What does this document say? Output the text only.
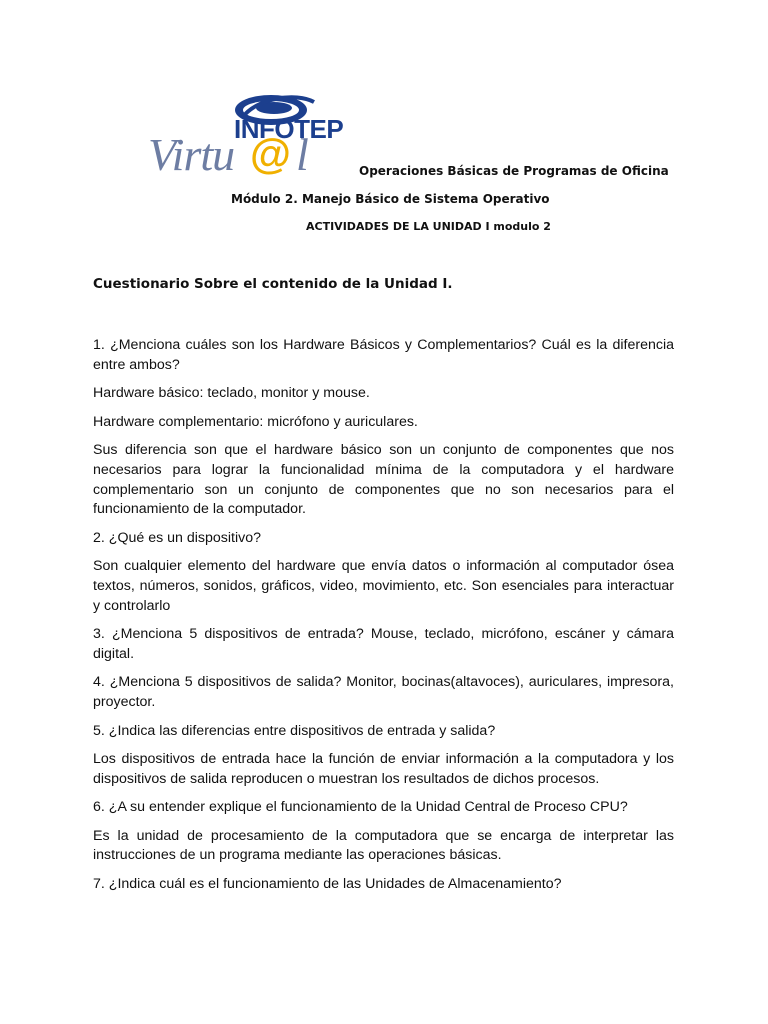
INFOTEP
Virtu @ l	Operaciones Básicas de Programas de Oficina
Módulo 2. Manejo Básico de Sistema Operativo
ACTIVIDADES DE LA UNIDAD I modulo 2
Cuestionario Sobre el contenido de la Unidad I.

1. ¿Menciona cuáles son los Hardware Básicos y Complementarios? Cuál es la diferencia entre ambos?

Hardware básico: teclado, monitor y mouse.

Hardware complementario: micrófono y auriculares.

Sus diferencia son que el hardware básico son un conjunto de componentes que nos necesarios para lograr la funcionalidad mínima de la computadora y el hardware complementario son un conjunto de componentes que no son necesarios para el funcionamiento de la computador.

2. ¿Qué es un dispositivo?

Son cualquier elemento del hardware que envía datos o información al computador ósea textos, números, sonidos, gráficos, video, movimiento, etc. Son esenciales para interactuar y controlarlo

3. ¿Menciona 5 dispositivos de entrada? Mouse, teclado, micrófono, escáner y cámara digital.

4. ¿Menciona 5 dispositivos de salida? Monitor, bocinas(altavoces), auriculares, impresora, proyector.

5. ¿Indica las diferencias entre dispositivos de entrada y salida?

Los dispositivos de entrada hace la función de enviar información a la computadora y los dispositivos de salida reproducen o muestran los resultados de dichos procesos.

6. ¿A su entender explique el funcionamiento de la Unidad Central de Proceso CPU?

Es la unidad de procesamiento de la computadora que se encarga de interpretar las instrucciones de un programa mediante las operaciones básicas.

7. ¿Indica cuál es el funcionamiento de las Unidades de Almacenamiento?
